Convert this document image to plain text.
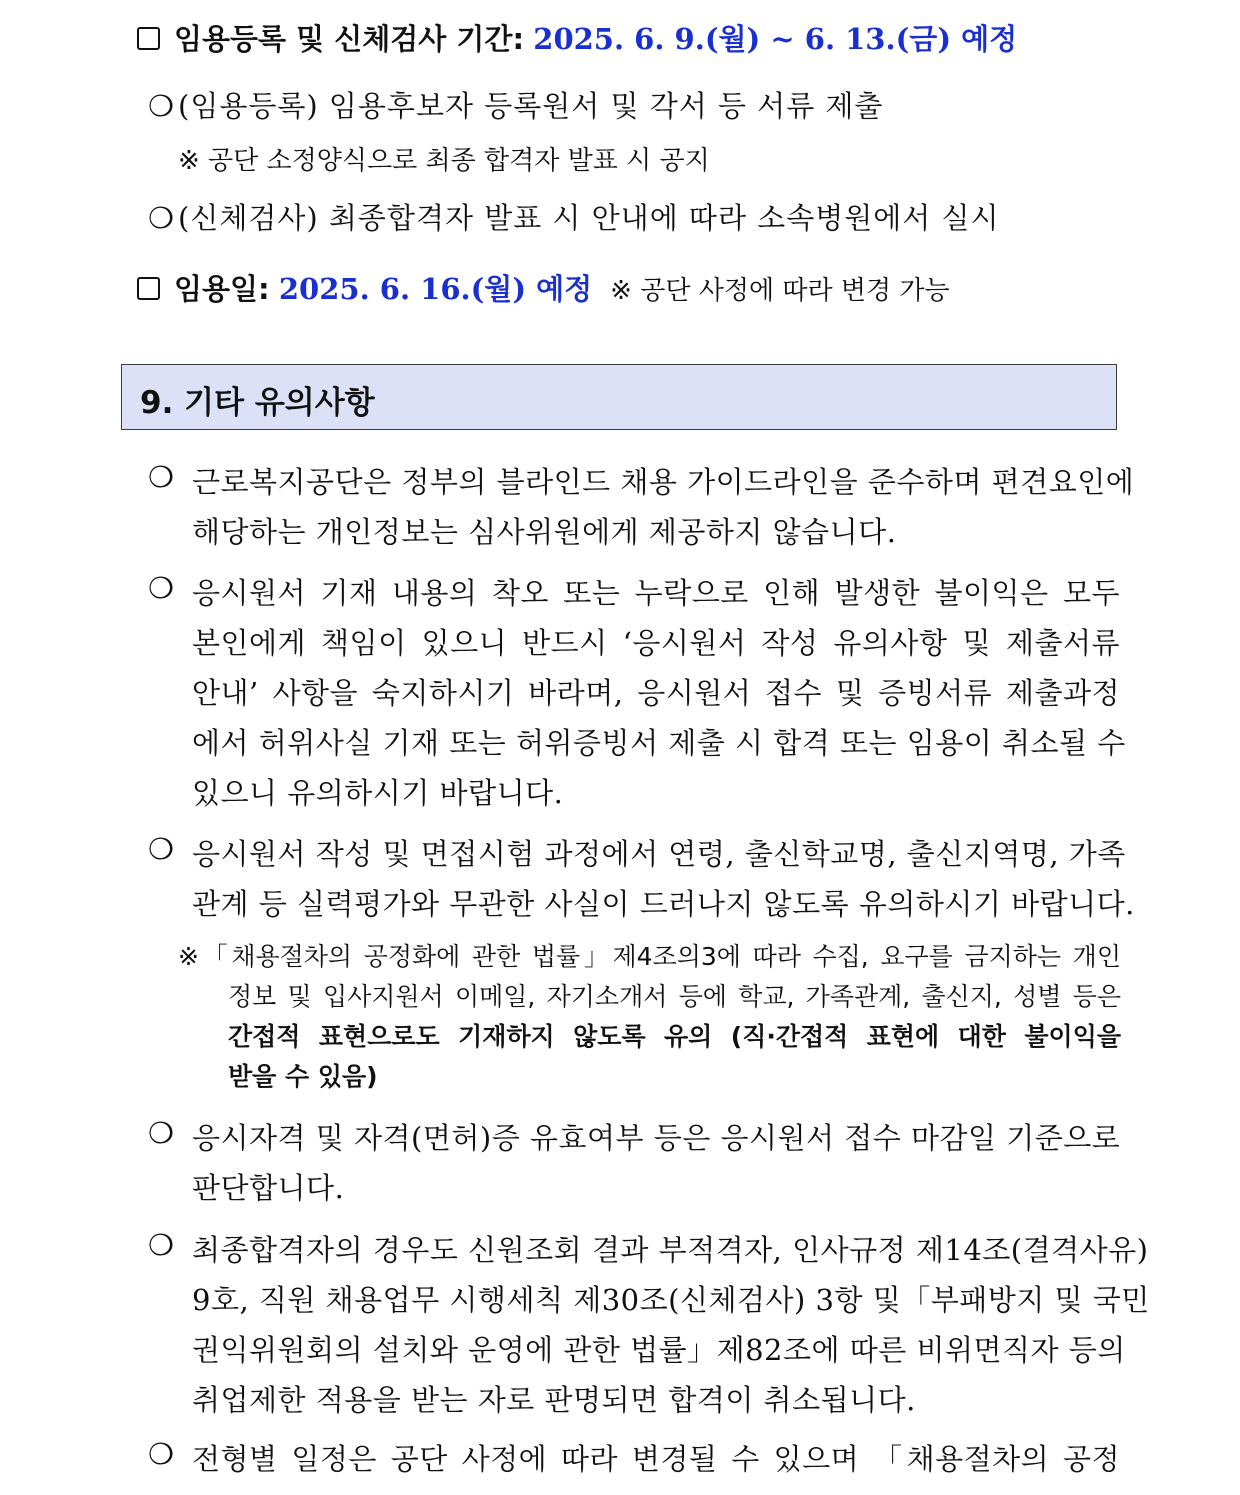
임용등록 및 신체검사 기간: 2025. 6. 9.(월) ~ 6. 13.(금) 예정
❍ (임용등록) 임용후보자 등록원서 및 각서 등 서류 제출
※ 공단 소정양식으로 최종 합격자 발표 시 공지
❍ (신체검사) 최종합격자 발표 시 안내에 따라 소속병원에서 실시
임용일: 2025. 6. 16.(월) 예정 ※ 공단 사정에 따라 변경 가능
9. 기타 유의사항
❍ 근로복지공단은 정부의 블라인드 채용 가이드라인을 준수하며 편견요인에
해당하는 개인정보는 심사위원에게 제공하지 않습니다.
❍ 응시원서 기재 내용의 착오 또는 누락으로 인해 발생한 불이익은 모두
본인에게 책임이 있으니 반드시 ‘응시원서 작성 유의사항 및 제출서류
안내’ 사항을 숙지하시기 바라며, 응시원서 접수 및 증빙서류 제출과정
에서 허위사실 기재 또는 허위증빙서 제출 시 합격 또는 임용이 취소될 수
있으니 유의하시기 바랍니다.
❍ 응시원서 작성 및 면접시험 과정에서 연령, 출신학교명, 출신지역명, 가족
관계 등 실력평가와 무관한 사실이 드러나지 않도록 유의하시기 바랍니다.
※「채용절차의 공정화에 관한 법률」제4조의3에 따라 수집, 요구를 금지하는 개인
정보 및 입사지원서 이메일, 자기소개서 등에 학교, 가족관계, 출신지, 성별 등은
간접적 표현으로도 기재하지 않도록 유의 (직·간접적 표현에 대한 불이익을
받을 수 있음)
❍ 응시자격 및 자격(면허)증 유효여부 등은 응시원서 접수 마감일 기준으로
판단합니다.
❍ 최종합격자의 경우도 신원조회 결과 부적격자, 인사규정 제14조(결격사유)
9호, 직원 채용업무 시행세칙 제30조(신체검사) 3항 및「부패방지 및 국민
권익위원회의 설치와 운영에 관한 법률」제82조에 따른 비위면직자 등의
취업제한 적용을 받는 자로 판명되면 합격이 취소됩니다.
❍ 전형별 일정은 공단 사정에 따라 변경될 수 있으며 「채용절차의 공정
